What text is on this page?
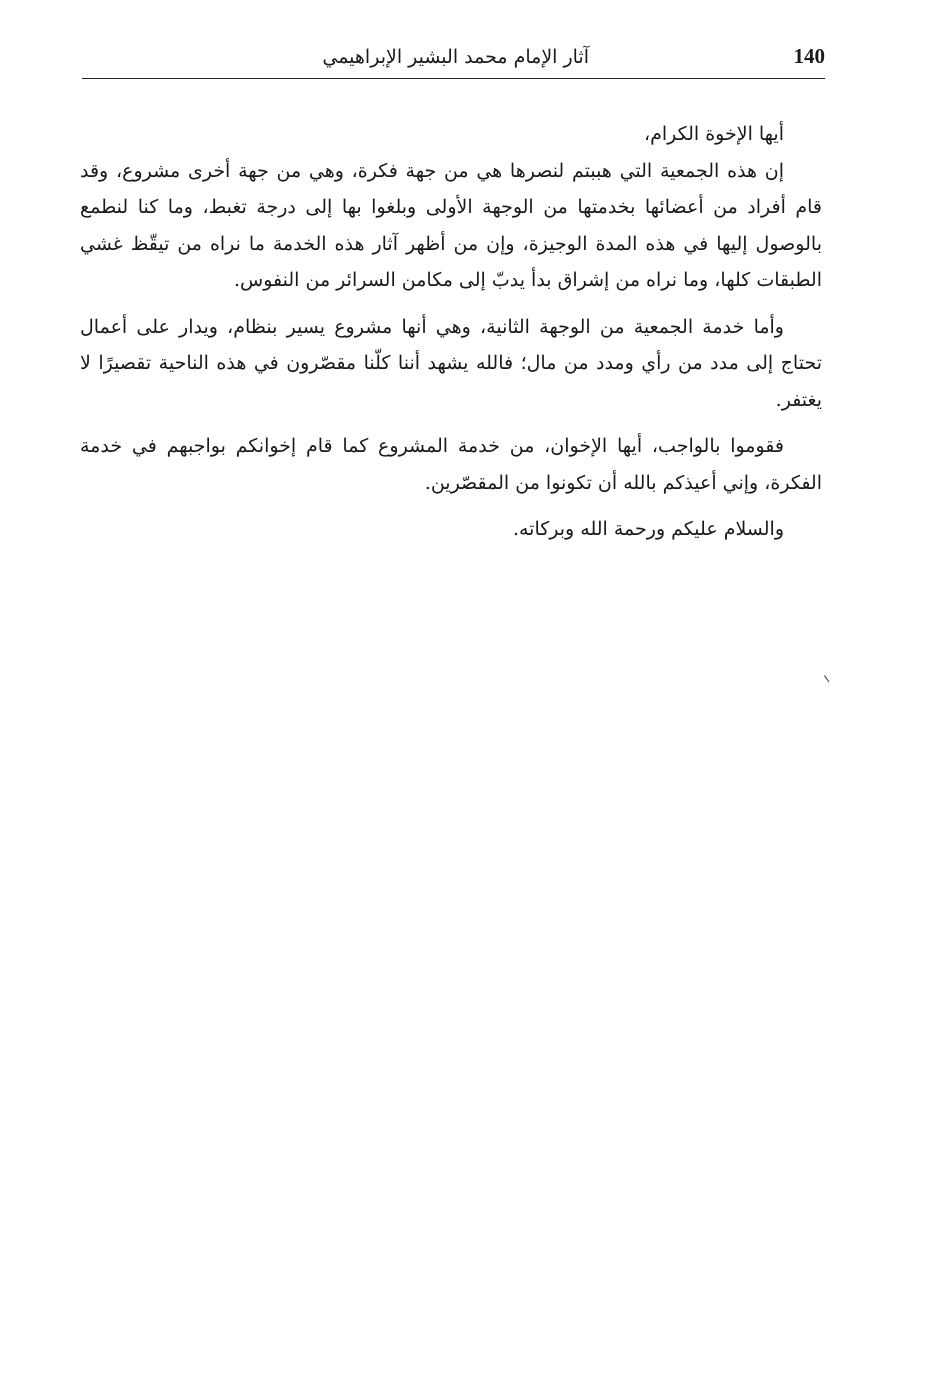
140
آثار الإمام محمد البشير الإبراهيمي

أيها الإخوة الكرام،

إن هذه الجمعية التي هببتم لنصرها هي من جهة فكرة، وهي من جهة أخرى مشروع، وقد قام أفراد من أعضائها بخدمتها من الوجهة الأولى وبلغوا بها إلى درجة تغبط، وما كنا لنطمع بالوصول إليها في هذه المدة الوجيزة، وإن من أظهر آثار هذه الخدمة ما نراه من تيقّظ غشي الطبقات كلها، وما نراه من إشراق بدأ يدبّ إلى مكامن السرائر من النفوس.

وأما خدمة الجمعية من الوجهة الثانية، وهي أنها مشروع يسير بنظام، ويدار على أعمال تحتاج إلى مدد من رأي ومدد من مال؛ فالله يشهد أننا كلّنا مقصّرون في هذه الناحية تقصيرًا لا يغتفر.

فقوموا بالواجب، أيها الإخوان، من خدمة المشروع كما قام إخوانكم بواجبهم في خدمة الفكرة، وإني أعيذكم بالله أن تكونوا من المقصّرين.

والسلام عليكم ورحمة الله وبركاته.
